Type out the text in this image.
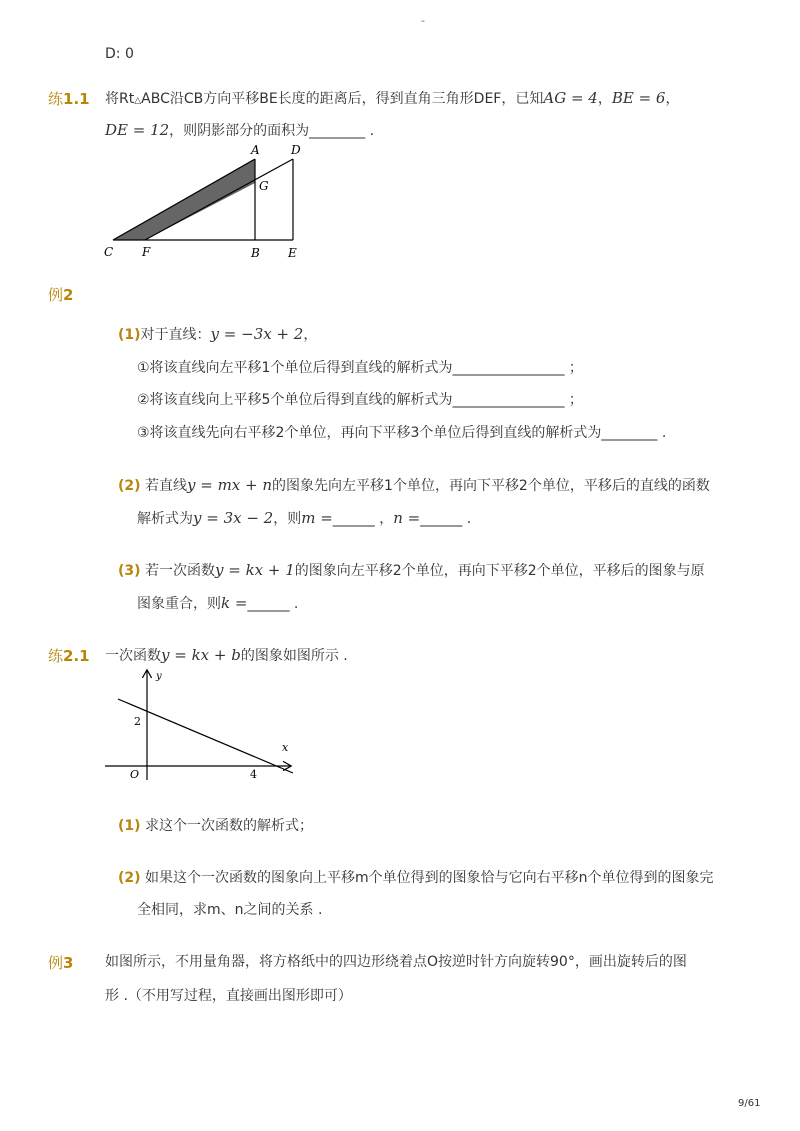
-
D: 0
练1.1 将Rt△ABC沿CB方向平移BE长度的距离后，得到直角三角形DEF，已知AG = 4，BE = 6，
DE = 12，则阴影部分的面积为________ .
A	D
G
C F	B E
例2
(1)对于直线：y = −3x + 2，
①将该直线向左平移1个单位后得到直线的解析式为________________ ；
②将该直线向上平移5个单位后得到直线的解析式为________________ ；
③将该直线先向右平移2个单位，再向下平移3个单位后得到直线的解析式为________ .
(2) 若直线y = mx + n的图象先向左平移1个单位，再向下平移2个单位，平移后的直线的函数
解析式为y = 3x − 2，则m =______ ，n =______ .
(3) 若一次函数y = kx + 1的图象向左平移2个单位，再向下平移2个单位，平移后的图象与原
图象重合，则k =______ .
练2.1 一次函数y = kx + b的图象如图所示 .
y
x
O
2
4
(1) 求这个一次函数的解析式；
(2) 如果这个一次函数的图象向上平移m个单位得到的图象恰与它向右平移n个单位得到的图象完
全相同，求m、n之间的关系 .
例3 如图所示，不用量角器，将方格纸中的四边形绕着点O按逆时针方向旋转90°，画出旋转后的图
形 .（不用写过程，直接画出图形即可）
9/61
